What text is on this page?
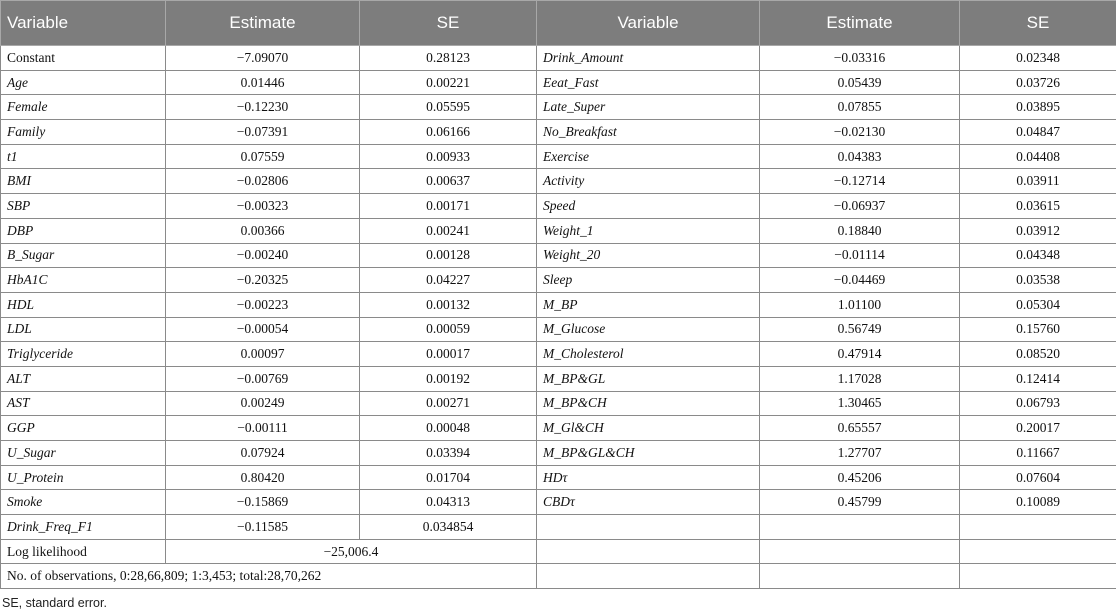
Variable	Estimate	SE	Variable	Estimate	SE
Constant	−7.09070	0.28123	Drink_Amount	−0.03316	0.02348
Age	0.01446	0.00221	Eeat_Fast	0.05439	0.03726
Female	−0.12230	0.05595	Late_Super	0.07855	0.03895
Family	−0.07391	0.06166	No_Breakfast	−0.02130	0.04847
t1	0.07559	0.00933	Exercise	0.04383	0.04408
BMI	−0.02806	0.00637	Activity	−0.12714	0.03911
SBP	−0.00323	0.00171	Speed	−0.06937	0.03615
DBP	0.00366	0.00241	Weight_1	0.18840	0.03912
B_Sugar	−0.00240	0.00128	Weight_20	−0.01114	0.04348
HbA1C	−0.20325	0.04227	Sleep	−0.04469	0.03538
HDL	−0.00223	0.00132	M_BP	1.01100	0.05304
LDL	−0.00054	0.00059	M_Glucose	0.56749	0.15760
Triglyceride	0.00097	0.00017	M_Cholesterol	0.47914	0.08520
ALT	−0.00769	0.00192	M_BP&GL	1.17028	0.12414
AST	0.00249	0.00271	M_BP&CH	1.30465	0.06793
GGP	−0.00111	0.00048	M_Gl&CH	0.65557	0.20017
U_Sugar	0.07924	0.03394	M_BP&GL&CH	1.27707	0.11667
U_Protein	0.80420	0.01704	HDτ	0.45206	0.07604
Smoke	−0.15869	0.04313	CBDτ	0.45799	0.10089
Drink_Freq_F1	−0.11585	0.034854			
Log likelihood	−25,006.4				
No. of observations, 0:28,66,809; 1:3,453; total:28,70,262					
SE, standard error.
